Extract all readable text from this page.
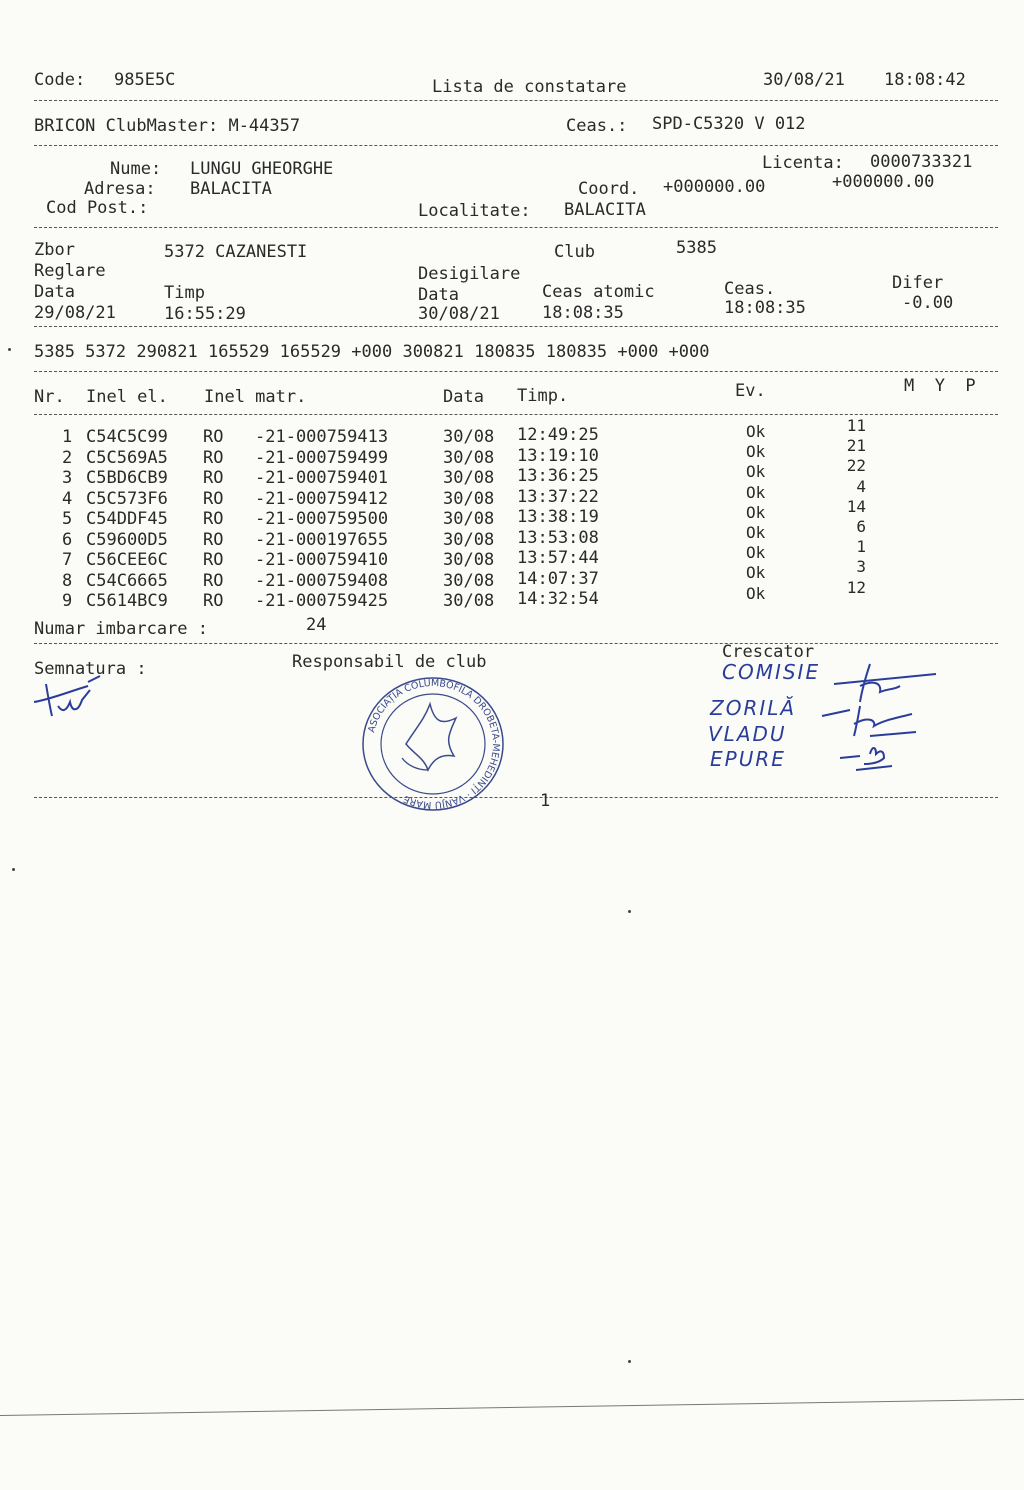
Code: 985E5C	Lista de constatare	30/08/21 18:08:42
BRICON ClubMaster: M-44357	Ceas.: SPD-C5320 V 012
Nume: LUNGU GHEORGHE	Licenta: 0000733321
Adresa: BALACITA	Coord. +000000.00	+000000.00
Cod Post.:	Localitate: BALACITA
Zbor	5372 CAZANESTI	Club	5385
Reglare	Desigilare
Data	Timp	Data	Ceas atomic	Ceas.	Difer
29/08/21	16:55:29	30/08/21 18:08:35	18:08:35	-0.00
5385 5372 290821 165529 165529 +000 300821 180835 180835 +000 +000
Nr. Inel el. Inel matr.	Data Timp.	Ev.	M  Y  P
1 C54C5C99 RO -21-000759413	30/08 12:49:25	Ok	11
2 C5C569A5 RO -21-000759499	30/08 13:19:10	Ok	21
3 C5BD6CB9 RO -21-000759401	30/08 13:36:25	Ok	22
4 C5C573F6 RO -21-000759412	30/08 13:37:22	Ok	4
5 C54DDF45 RO -21-000759500	30/08 13:38:19	Ok	14
6 C59600D5 RO -21-000197655	30/08 13:53:08	Ok	6
7 C56CEE6C RO -21-000759410	30/08 13:57:44	Ok	1
8 C54C6665 RO -21-000759408	30/08 14:07:37	Ok	3
9 C5614BC9 RO -21-000759425	30/08 14:32:54	Ok	12
Numar imbarcare :	24
Semnatura :	Responsabil de club	Crescator
COMISIE
ZORILĂ
VLADU
EPURE
ASOCIAȚIA COLUMBOFILĂ DROBETA-MEHEDINȚI · VÂNJU MARE	1
